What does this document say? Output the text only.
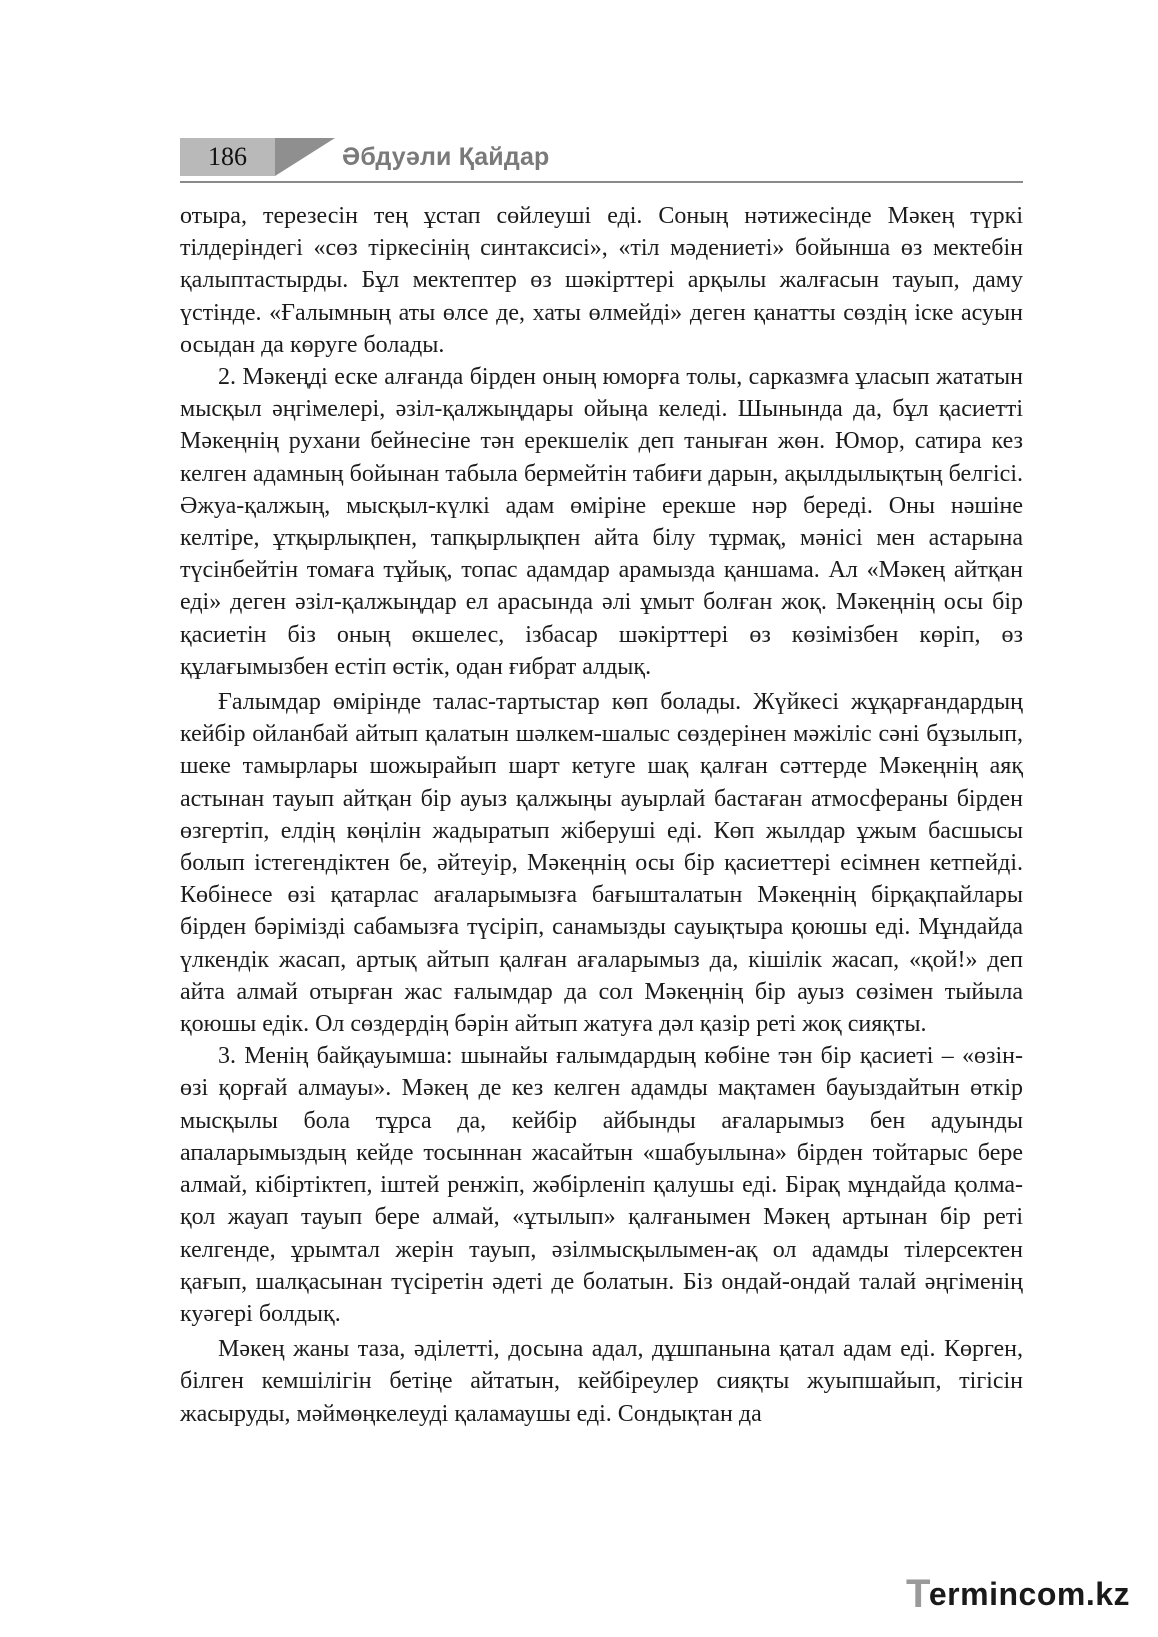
186	Әбдуәли Қайдар

отыра, терезесін тең ұстап сөйлеуші еді. Соның нәтижесінде Мәкең түркі тілдеріндегі «сөз тіркесінің синтаксисі», «тіл мәдениеті» бойынша өз мектебін қалыптастырды. Бұл мектептер өз шәкірттері арқылы жалғасын тауып, даму үстінде. «Ғалымның аты өлсе де, хаты өлмейді» деген қанатты сөздің іске асуын осыдан да көруге болады.

2. Мәкеңді еске алғанда бірден оның юморға толы, сарказмға ұласып жататын мысқыл әңгімелері, әзіл-қалжыңдары ойыңа келеді. Шынында да, бұл қасиетті Мәкеңнің рухани бейнесіне тән ерекшелік деп таныған жөн. Юмор, сатира кез келген адамның бойынан табыла бермейтін табиғи дарын, ақылдылықтың белгісі. Әжуа-қалжың, мысқыл-күлкі адам өміріне ерекше нәр береді. Оны нәшіне келтіре, ұтқырлықпен, тапқырлықпен айта білу тұрмақ, мәнісі мен астарына түсінбейтін томаға тұйық, топас адамдар арамызда қаншама. Ал «Мәкең айтқан еді» деген әзіл-қалжыңдар ел арасында әлі ұмыт болған жоқ. Мәкеңнің осы бір қасиетін біз оның өкшелес, ізбасар шәкірттері өз көзімізбен көріп, өз құлағымызбен естіп өстік, одан ғибрат алдық.

Ғалымдар өмірінде талас-тартыстар көп болады. Жүйкесі жұқарғандардың кейбір ойланбай айтып қалатын шәлкем-шалыс сөздерінен мәжіліс сәні бұзылып, шеке тамырлары шожырайып шарт кетуге шақ қалған сәттерде Мәкеңнің аяқ астынан тауып айтқан бір ауыз қалжыңы ауырлай бастаған атмосфераны бірден өзгертіп, елдің көңілін жадыратып жіберуші еді. Көп жылдар ұжым басшысы болып істегендіктен бе, әйтеуір, Мәкеңнің осы бір қасиеттері есімнен кетпейді. Көбінесе өзі қатарлас ағаларымызға бағышталатын Мәкеңнің бірқақпайлары бірден бәрімізді сабамызға түсіріп, санамызды сауықтыра қоюшы еді. Мұндайда үлкендік жасап, артық айтып қалған ағаларымыз да, кішілік жасап, «қой!» деп айта алмай отырған жас ғалымдар да сол Мәкеңнің бір ауыз сөзімен тыйыла қоюшы едік. Ол сөздердің бәрін айтып жатуға дәл қазір реті жоқ сияқты.

3. Менің байқауымша: шынайы ғалымдардың көбіне тән бір қасиеті – «өзін-өзі қорғай алмауы». Мәкең де кез келген адамды мақтамен бауыздайтын өткір мысқылы бола тұрса да, кейбір айбынды ағаларымыз бен адуынды апаларымыздың кейде тосыннан жасайтын «шабуылына» бірден тойтарыс бере алмай, кібіртіктеп, іштей ренжіп, жәбірленіп қалушы еді. Бірақ мұндайда қолма-қол жауап тауып бере алмай, «ұтылып» қалғанымен Мәкең артынан бір реті келгенде, ұрымтал жерін тауып, әзілмысқылымен-ақ ол адамды тілерсектен қағып, шалқасынан түсіретін әдеті де болатын. Біз ондай-ондай талай әңгіменің куәгері болдық.

Мәкең жаны таза, әділетті, досына адал, дұшпанына қатал адам еді. Көрген, білген кемшілігін бетіңе айтатын, кейбіреулер сияқты жуыпшайып, тігісін жасыруды, мәймөңкелеуді қаламаушы еді. Сондықтан да

T
ermincоm.kz
